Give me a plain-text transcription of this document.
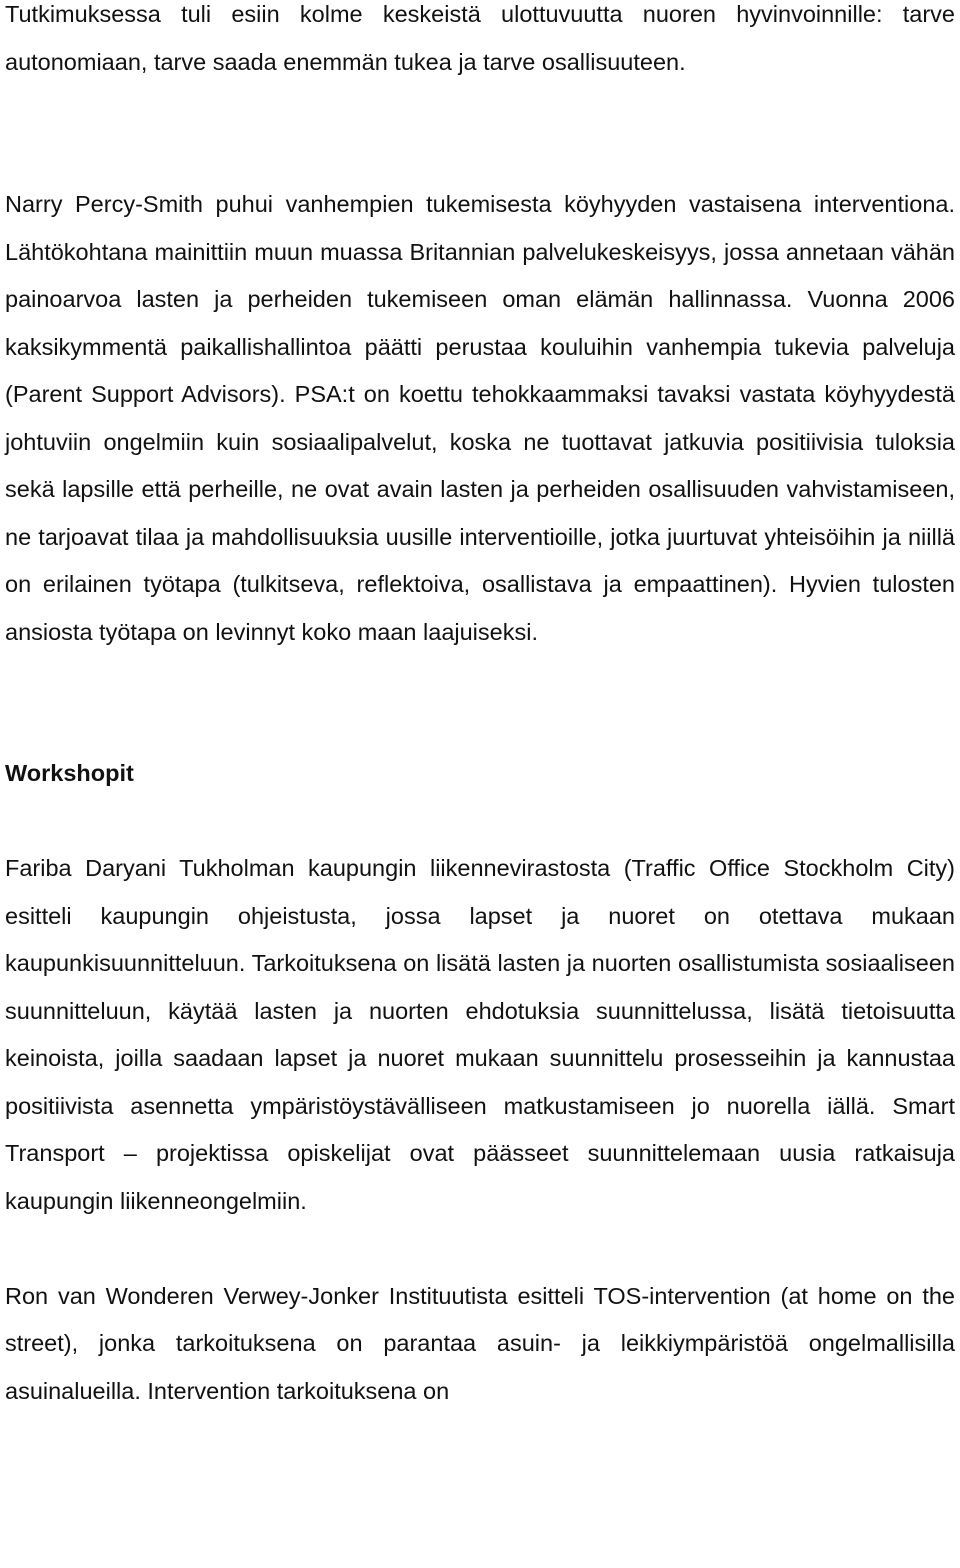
Tutkimuksessa tuli esiin kolme keskeistä ulottuvuutta nuoren hyvinvoinnille: tarve autonomiaan, tarve saada enemmän tukea ja tarve osallisuuteen.

Narry Percy-Smith puhui vanhempien tukemisesta köyhyyden vastaisena interventiona. Lähtökohtana mainittiin muun muassa Britannian palvelukeskeisyys, jossa annetaan vähän painoarvoa lasten ja perheiden tukemiseen oman elämän hallinnassa. Vuonna 2006 kaksikymmentä paikallishallintoa päätti perustaa kouluihin vanhempia tukevia palveluja (Parent Support Advisors). PSA:t on koettu tehokkaammaksi tavaksi vastata köyhyydestä johtuviin ongelmiin kuin sosiaalipalvelut, koska ne tuottavat jatkuvia positiivisia tuloksia sekä lapsille että perheille, ne ovat avain lasten ja perheiden osallisuuden vahvistamiseen, ne tarjoavat tilaa ja mahdollisuuksia uusille interventioille, jotka juurtuvat yhteisöihin ja niillä on erilainen työtapa (tulkitseva, reflektoiva, osallistava ja empaattinen). Hyvien tulosten ansiosta työtapa on levinnyt koko maan laajuiseksi.

Workshopit

Fariba Daryani Tukholman kaupungin liikennevirastosta (Traffic Office Stockholm City) esitteli kaupungin ohjeistusta, jossa lapset ja nuoret on otettava mukaan kaupunkisuunnitteluun. Tarkoituksena on lisätä lasten ja nuorten osallistumista sosiaaliseen suunnitteluun, käytää lasten ja nuorten ehdotuksia suunnittelussa, lisätä tietoisuutta keinoista, joilla saadaan lapset ja nuoret mukaan suunnittelu prosesseihin ja kannustaa positiivista asennetta ympäristöystävälliseen matkustamiseen jo nuorella iällä. Smart Transport – projektissa opiskelijat ovat päässeet suunnittelemaan uusia ratkaisuja kaupungin liikenneongelmiin.

Ron van Wonderen Verwey-Jonker Instituutista esitteli TOS-intervention (at home on the street), jonka tarkoituksena on parantaa asuin- ja leikkiympäristöä ongelmallisilla asuinalueilla. Intervention tarkoituksena on
